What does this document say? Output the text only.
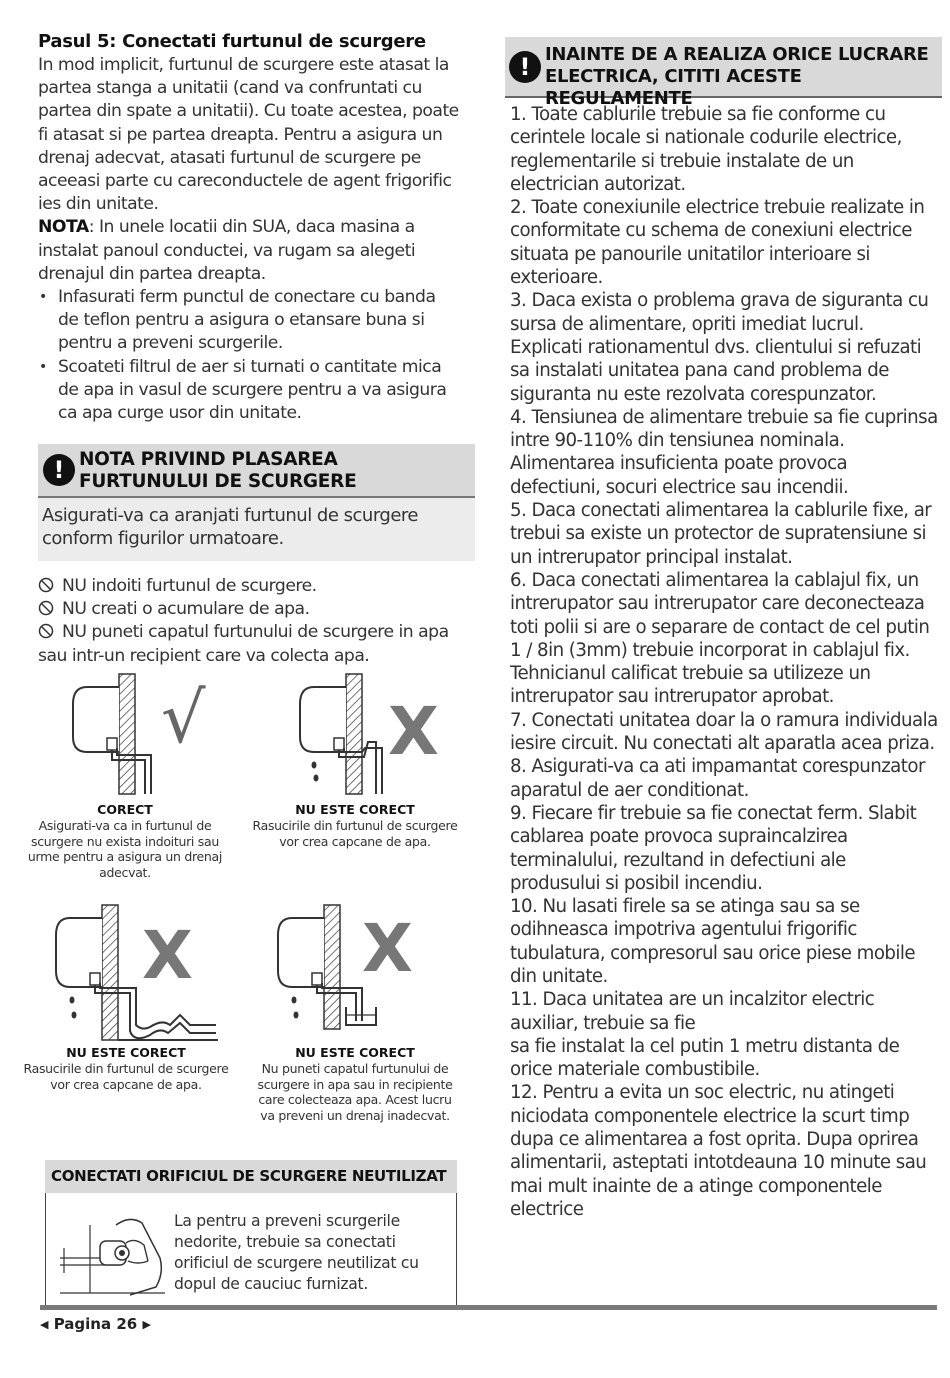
Pasul 5: Conectati furtunul de scurgere

In mod implicit, furtunul de scurgere este atasat la partea stanga a unitatii (cand va confruntati cu partea din spate a unitatii). Cu toate acestea, poate fi atasat si pe partea dreapta. Pentru a asigura un drenaj adecvat, atasati furtunul de scurgere pe aceeasi parte cu careconductele de agent frigorific ies din unitate.

NOTA: In unele locatii din SUA, daca masina a instalat panoul conductei, va rugam sa alegeti drenajul din partea dreapta.

• Infasurati ferm punctul de conectare cu banda de teflon pentru a asigura o etansare buna si pentru a preveni scurgerile.

• Scoateti filtrul de aer si turnati o cantitate mica de apa in vasul de scurgere pentru a va asigura ca apa curge usor din unitate.

! NOTA PRIVIND PLASAREA FURTUNULUI DE SCURGERE
Asigurati-va ca aranjati furtunul de scurgere conform figurilor urmatoare.

NU indoiti furtunul de scurgere.

NU creati o acumulare de apa.

NU puneti capatul furtunului de scurgere in apa sau intr-un recipient care va colecta apa.

√
CORECT
Asigurati-va ca in furtunul de scurgere nu exista indoituri sau urme pentru a asigura un drenaj adecvat.
X
NU ESTE CORECT
Rasucirile din furtunul de scurgere vor crea capcane de apa.
X
NU ESTE CORECT
Rasucirile din furtunul de scurgere vor crea capcane de apa.
X
NU ESTE CORECT
Nu puneti capatul furtunului de scurgere in apa sau in recipiente care colecteaza apa. Acest lucru va preveni un drenaj inadecvat.
CONECTATI ORIFICIUL DE SCURGERE NEUTILIZAT
La pentru a preveni scurgerile nedorite, trebuie sa conectati orificiul de scurgere neutilizat cu dopul de cauciuc furnizat.
! INAINTE DE A REALIZA ORICE LUCRARE ELECTRICA, CITITI ACESTE REGULAMENTE

1. Toate cablurile trebuie sa fie conforme cu cerintele locale si nationale codurile electrice, reglementarile si trebuie instalate de un electrician autorizat.

2. Toate conexiunile electrice trebuie realizate in conformitate cu schema de conexiuni electrice situata pe panourile unitatilor interioare si exterioare.

3. Daca exista o problema grava de siguranta cu sursa de alimentare, opriti imediat lucrul. Explicati rationamentul dvs. clientului si refuzati sa instalati unitatea pana cand problema de siguranta nu este rezolvata corespunzator.

4. Tensiunea de alimentare trebuie sa fie cuprinsa intre 90-110% din tensiunea nominala. Alimentarea insuficienta poate provoca defectiuni, socuri electrice sau incendii.

5. Daca conectati alimentarea la cablurile fixe, ar trebui sa existe un protector de supratensiune si un intrerupator principal instalat.

6. Daca conectati alimentarea la cablajul fix, un intrerupator sau intrerupator care deconecteaza toti polii si are o separare de contact de cel putin 1 / 8in (3mm) trebuie incorporat in cablajul fix. Tehnicianul calificat trebuie sa utilizeze un intrerupator sau intrerupator aprobat.

7. Conectati unitatea doar la o ramura individuala iesire circuit. Nu conectati alt aparatla acea priza.

8. Asigurati-va ca ati impamantat corespunzator aparatul de aer conditionat.

9. Fiecare fir trebuie sa fie conectat ferm. Slabit cablarea poate provoca supraincalzirea terminalului, rezultand in defectiuni ale produsului si posibil incendiu.

10. Nu lasati firele sa se atinga sau sa se odihneasca impotriva agentului frigorific tubulatura, compresorul sau orice piese mobile din unitate.

11. Daca unitatea are un incalzitor electric auxiliar, trebuie sa fie

sa fie instalat la cel putin 1 metru distanta de orice materiale combustibile.

12. Pentru a evita un soc electric, nu atingeti niciodata componentele electrice la scurt timp dupa ce alimentarea a fost oprita. Dupa oprirea alimentarii, asteptati intotdeauna 10 minute sau mai mult inainte de a atinge componentele electrice

◀ Pagina 26 ▶
